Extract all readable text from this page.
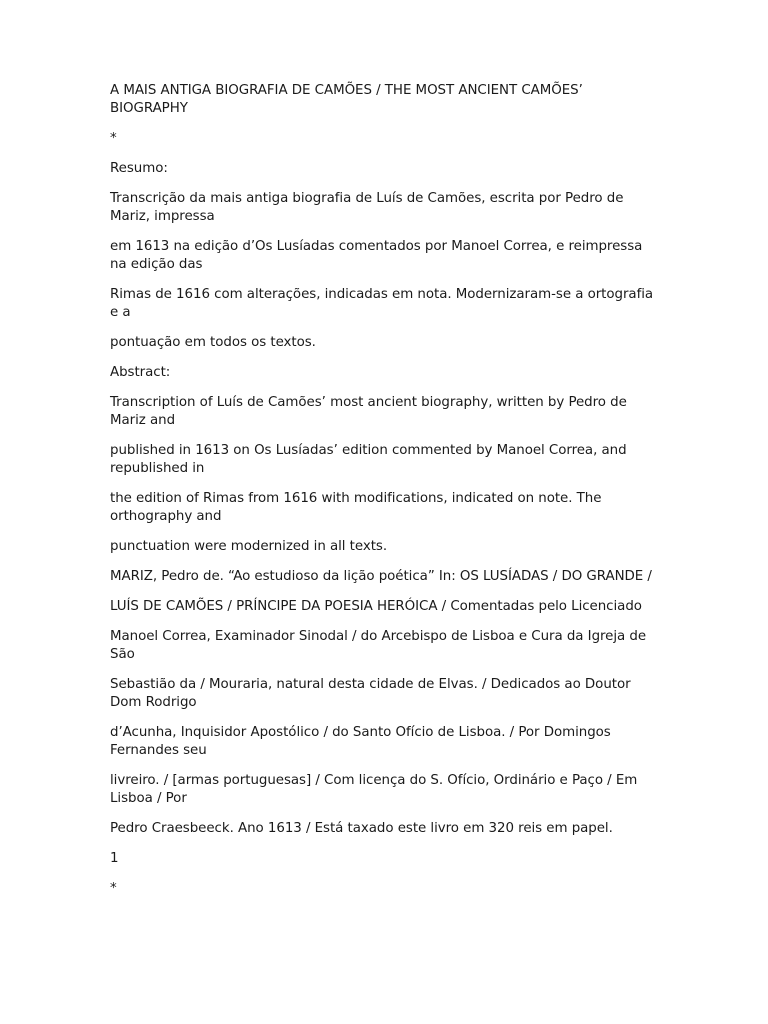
A MAIS ANTIGA BIOGRAFIA DE CAMÕES / THE MOST ANCIENT CAMÕES’ BIOGRAPHY

*

Resumo:

Transcrição da mais antiga biografia de Luís de Camões, escrita por Pedro de Mariz, impressa

em 1613 na edição d’Os Lusíadas comentados por Manoel Correa, e reimpressa na edição das

Rimas de 1616 com alterações, indicadas em nota. Modernizaram-se a ortografia e a

pontuação em todos os textos.

Abstract:

Transcription of Luís de Camões’ most ancient biography, written by Pedro de Mariz and

published in 1613 on Os Lusíadas’ edition commented by Manoel Correa, and republished in

the edition of Rimas from 1616 with modifications, indicated on note. The orthography and

punctuation were modernized in all texts.

MARIZ, Pedro de. “Ao estudioso da lição poética” In: OS LUSÍADAS / DO GRANDE /

LUÍS DE CAMÕES / PRÍNCIPE DA POESIA HERÓICA / Comentadas pelo Licenciado

Manoel Correa, Examinador Sinodal / do Arcebispo de Lisboa e Cura da Igreja de São

Sebastião da / Mouraria, natural desta cidade de Elvas. / Dedicados ao Doutor Dom Rodrigo

d’Acunha, Inquisidor Apostólico / do Santo Ofício de Lisboa. / Por Domingos Fernandes seu

livreiro. / [armas portuguesas] / Com licença do S. Ofício, Ordinário e Paço / Em Lisboa / Por

Pedro Craesbeeck. Ano 1613 / Está taxado este livro em 320 reis em papel.

1

*
